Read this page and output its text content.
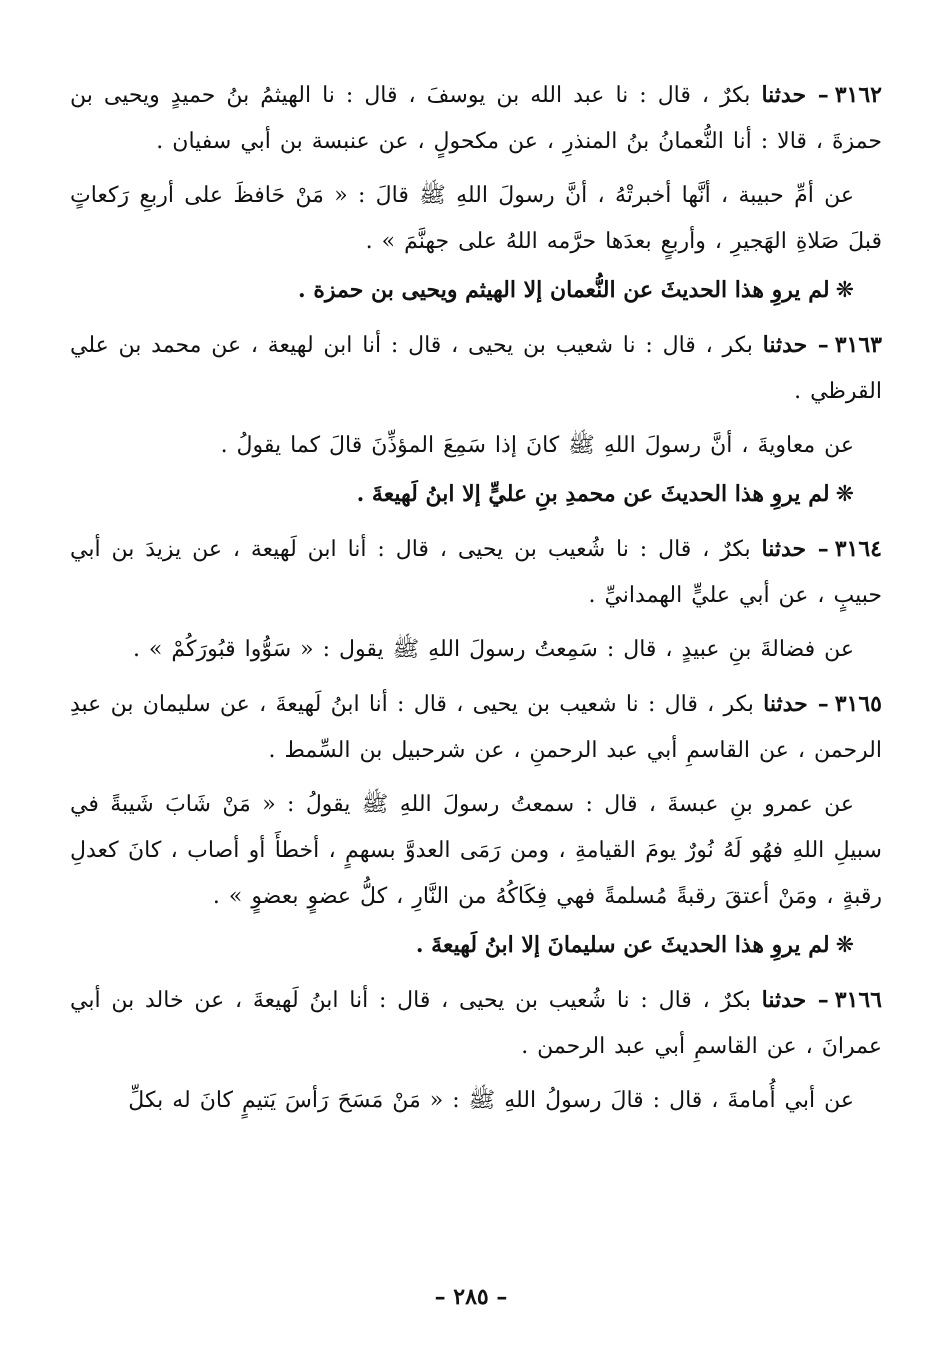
٣١٦٢– حدثنا بكرٌ ، قال : نا عبد الله بن يوسفَ ، قال : نا الهيثمُ بنُ حميدٍ ويحيى بن حمزةَ ، قالا : أنا النُّعمانُ بنُ المنذرِ ، عن مكحولٍ ، عن عنبسة بن أبي سفيان .

عن أمِّ حبيبة ، أنَّها أخبرتْهُ ، أنَّ رسولَ اللهِ ﷺ قالَ : « مَنْ حَافظَ على أربعِ رَكعاتٍ قبلَ صَلاةِ الهَجيرِ ، وأربعٍ بعدَها حرَّمه اللهُ على جهنَّمَ » .

❋لم يروِ هذا الحديثَ عن النُّعمان إلا الهيثم ويحيى بن حمزة .

٣١٦٣– حدثنا بكر ، قال : نا شعيب بن يحيى ، قال : أنا ابن لهيعة ، عن محمد بن علي القرظي .

عن معاويةَ ، أنَّ رسولَ اللهِ ﷺ كانَ إذا سَمِعَ المؤذِّنَ قالَ كما يقولُ .

❋لم يروِ هذا الحديثَ عن محمدِ بنِ عليٍّ إلا ابنُ لَهيعةَ .

٣١٦٤– حدثنا بكرٌ ، قال : نا شُعيب بن يحيى ، قال : أنا ابن لَهيعة ، عن يزيدَ بن أبي حبيبٍ ، عن أبي عليٍّ الهمدانيِّ .

عن فضالةَ بنِ عبيدٍ ، قال : سَمِعتُ رسولَ اللهِ ﷺ يقول : « سَوُّوا قبُورَكُمْ » .

٣١٦٥– حدثنا بكر ، قال : نا شعيب بن يحيى ، قال : أنا ابنُ لَهيعةَ ، عن سليمان بن عبدِ الرحمن ، عن القاسمِ أبي عبد الرحمنِ ، عن شرحبيل بن السِّمط .

عن عمرو بنِ عبسةَ ، قال : سمعتُ رسولَ اللهِ ﷺ يقولُ : « مَنْ شَابَ شَيبةً في سبيلِ اللهِ فهُو لَهُ نُورٌ يومَ القيامةِ ، ومن رَمَى العدوَّ بسهمٍ ، أخطأَ أو أصاب ، كانَ كعدلِ رقبةٍ ، ومَنْ أعتقَ رقبةً مُسلمةً فهي فِكَاكُهُ من النَّارِ ، كلُّ عضوٍ بعضوٍ » .

❋لم يروِ هذا الحديثَ عن سليمانَ إلا ابنُ لَهيعةَ .

٣١٦٦– حدثنا بكرٌ ، قال : نا شُعيب بن يحيى ، قال : أنا ابنُ لَهيعةَ ، عن خالد بن أبي عمرانَ ، عن القاسمِ أبي عبد الرحمن .

عن أبي أُمامةَ ، قال : قالَ رسولُ اللهِ ﷺ : « مَنْ مَسَحَ رَأسَ يَتيمٍ كانَ له بكلِّ

– ٢٨٥ –
